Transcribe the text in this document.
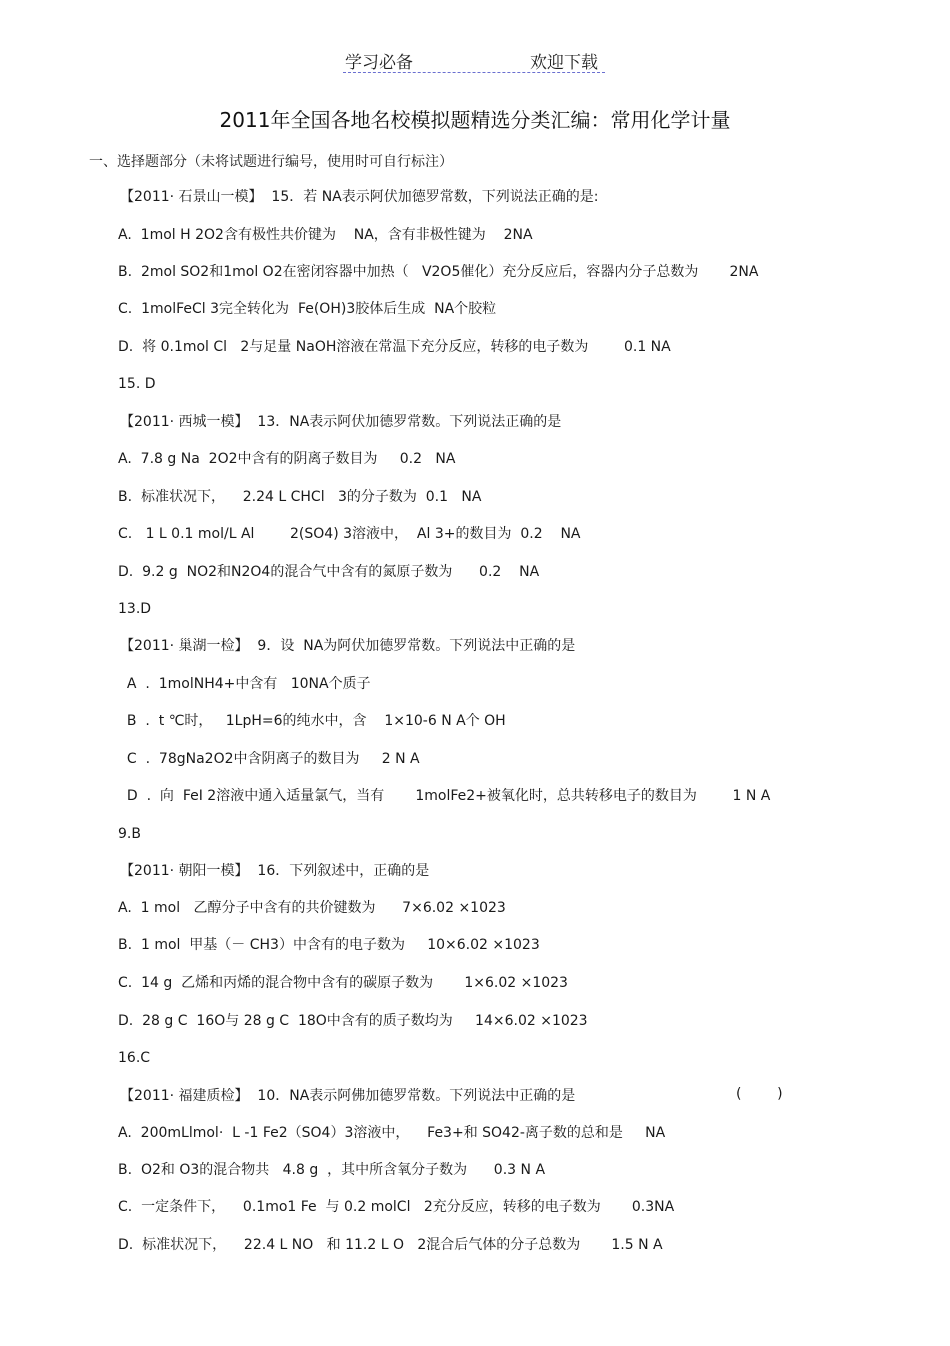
学习必备	欢迎下载
2011年全国各地名校模拟题精选分类汇编：常用化学计量
一、选择题部分（未将试题进行编号，使用时可自行标注）
【2011· 石景山一模】  15．若 NA表示阿伏加德罗常数，下列说法正确的是:
A.  1mol H 2O2含有极性共价键为    NA，含有非极性键为    2NA
B.  2mol SO2和1mol O2在密闭容器中加热（   V2O5催化）充分反应后，容器内分子总数为       2NA
C.  1molFeCl 3完全转化为  Fe(OH)3胶体后生成  NA个胶粒
D.  将 0.1mol Cl   2与足量 NaOH溶液在常温下充分反应，转移的电子数为        0.1 NA
15. D
【2011· 西城一模】  13．NA表示阿伏加德罗常数。下列说法正确的是
A.  7.8 g Na  2O2中含有的阴离子数目为     0.2   NA
B.  标准状况下，    2.24 L CHCl   3的分子数为  0.1   NA
C.   1 L 0.1 mol/L Al        2(SO4) 3溶液中，  Al 3+的数目为  0.2    NA
D.  9.2 g  NO2和N2O4的混合气中含有的氮原子数为      0.2    NA
13.D
【2011· 巢湖一检】  9．设  NA为阿伏加德罗常数。下列说法中正确的是
A  .  1molNH4+中含有   10NA个质子
B  .  t ℃时，   1LpH=6的纯水中，含    1×10-6 N A个 OH
C  .  78gNa2O2中含阴离子的数目为     2 N A
D  .  向  FeI 2溶液中通入适量氯气，当有       1molFe2+被氧化时，总共转移电子的数目为        1 N A
9.B
【2011· 朝阳一模】  16．下列叙述中，正确的是
A.  1 mol   乙醇分子中含有的共价键数为      7×6.02 ×1023
B.  1 mol  甲基（－ CH3）中含有的电子数为     10×6.02 ×1023
C.  14 g  乙烯和丙烯的混合物中含有的碳原子数为       1×6.02 ×1023
D.  28 g C  16O与 28 g C  18O中含有的质子数均为     14×6.02 ×1023
16.C
【2011· 福建质检】  10．NA表示阿佛加德罗常数。下列说法中正确的是	(        )
A.  200mLlmol·  L -1 Fe2（SO4）3溶液中，    Fe3+和 SO42-离子数的总和是     NA
B.  O2和 O3的混合物共   4.8 g  ，其中所含氧分子数为      0.3 N A
C.  一定条件下，    0.1mo1 Fe  与 0.2 molCl   2充分反应，转移的电子数为       0.3NA
D.  标准状况下，    22.4 L NO   和 11.2 L O   2混合后气体的分子总数为       1.5 N A
